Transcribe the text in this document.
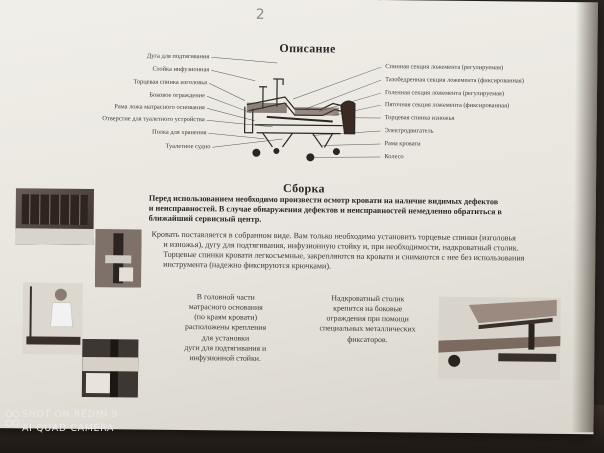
2
Описание
Дуга для подтягивания
Стойка инфузионная
Торцевая спинка изголовья
Боковое ограждение
Рама ложа матрасного основания
Отверстие для туалетного устройства
Полка для хранения
Туалетное судно
Спинная секция ложемента (регулируемая)
Тазобедренная секция ложемента (фиксированная)
Голенная секция ложемента (регулируемая)
Пяточная секция ложемента (фиксированная)
Торцевая спинка изножья
Электродвигатель
Рама кровати
Колесо
Сборка
Перед использованием необходимо произвести осмотр кровати на наличие видимых дефектов
и неисправностей. В случае обнаружения дефектов и неисправностей немедленно обратиться в
ближайший сервисный центр.
Кровать поставляется в собранном виде. Вам только необходимо установить торцевые спинки (изголовья
и изножья), дугу для подтягивания, инфузионную стойку и, при необходимости, надкроватный столик.
Торцевые спинки кровати легкосъемные, закрепляются на кровати и снимаются с нее без использования
инструмента (надежно фиксируются крючками).
В головной части
матрасного основания
(по краям кровати)
расположены крепления
для установки
дуги для подтягивания и
инфузионной стойки.
Надкроватный столик
крепится на боковые
ограждения при помощи
специальных металлических
фиксаторов.
SHOT ON REDMI 9
AI QUAD CAMERA
